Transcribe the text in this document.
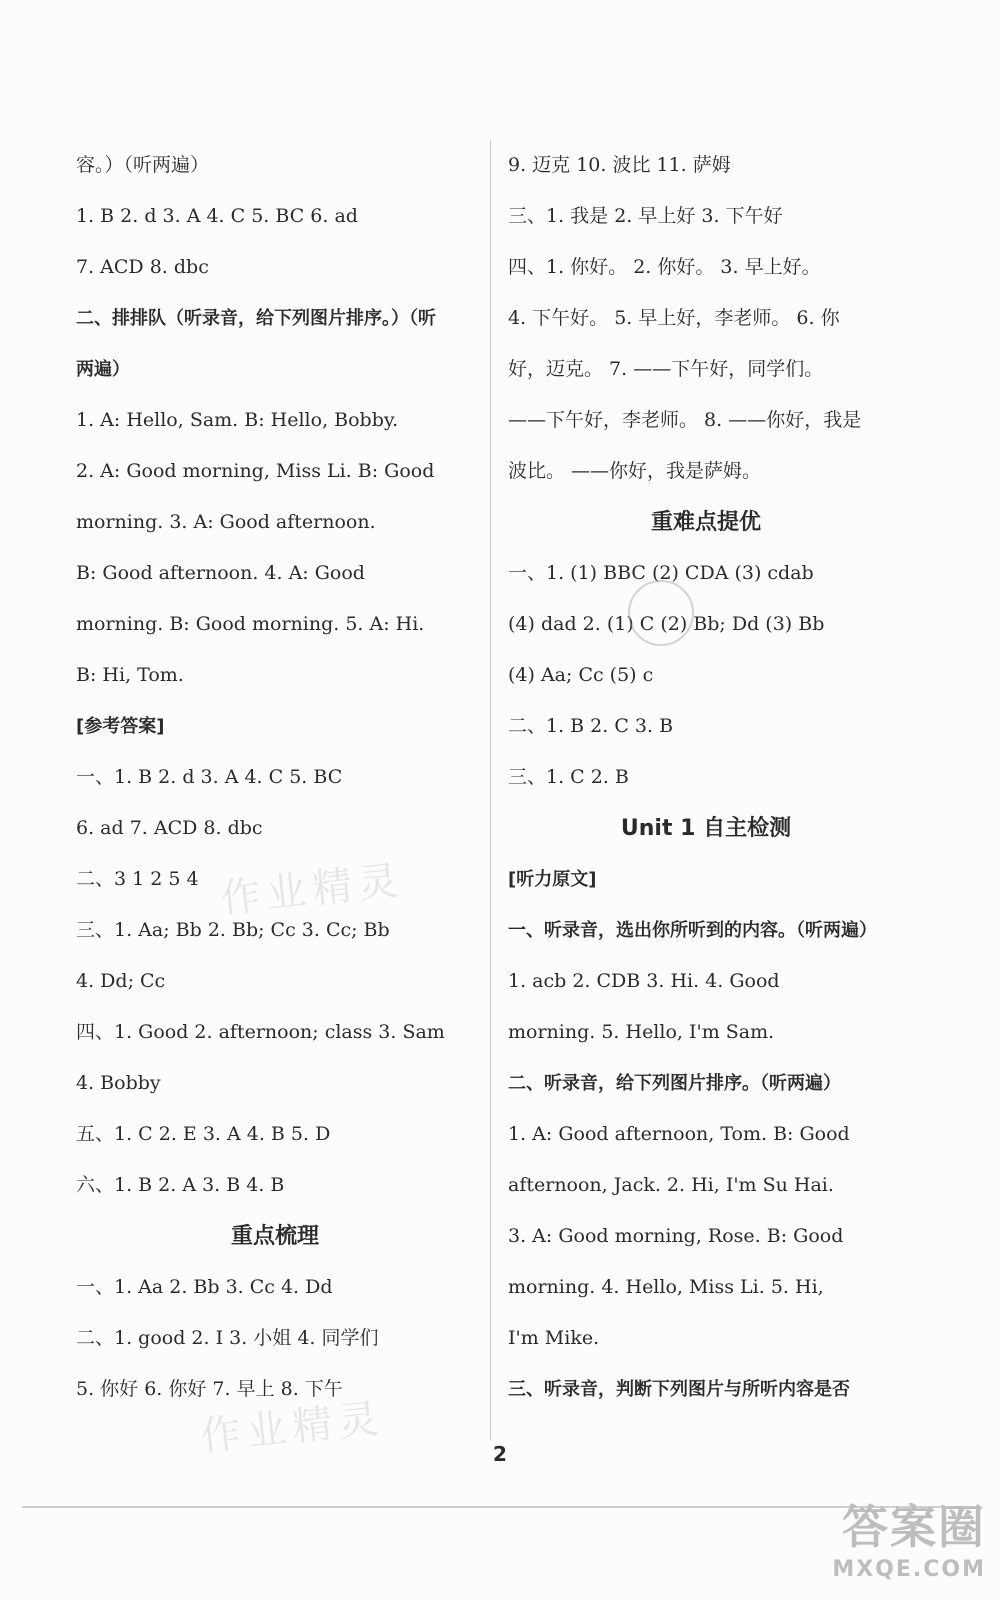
容。）（听两遍）
1. B 2. d 3. A 4. C 5. BC 6. ad
7. ACD 8. dbc
二、排排队（听录音，给下列图片排序。）（听
两遍）
1. A: Hello, Sam. B: Hello, Bobby.
2. A: Good morning, Miss Li. B: Good
morning. 3. A: Good afternoon.
B: Good afternoon. 4. A: Good
morning. B: Good morning. 5. A: Hi.
B: Hi, Tom.
[参考答案]
一、1. B 2. d 3. A 4. C 5. BC
6. ad 7. ACD 8. dbc
二、3 1 2 5 4
三、1. Aa; Bb 2. Bb; Cc 3. Cc; Bb
4. Dd; Cc
四、1. Good 2. afternoon; class 3. Sam
4. Bobby
五、1. C 2. E 3. A 4. B 5. D
六、1. B 2. A 3. B 4. B
重点梳理
一、1. Aa 2. Bb 3. Cc 4. Dd
二、1. good 2. I 3. 小姐 4. 同学们
5. 你好 6. 你好 7. 早上 8. 下午
9. 迈克 10. 波比 11. 萨姆
三、1. 我是 2. 早上好 3. 下午好
四、1. 你好。 2. 你好。 3. 早上好。
4. 下午好。 5. 早上好，李老师。 6. 你
好，迈克。 7. ——下午好，同学们。
——下午好，李老师。 8. ——你好，我是
波比。 ——你好，我是萨姆。
重难点提优
一、1. (1) BBC (2) CDA (3) cdab
(4) dad 2. (1) C (2) Bb; Dd (3) Bb
(4) Aa; Cc (5) c
二、1. B 2. C 3. B
三、1. C 2. B
Unit 1 自主检测
[听力原文]
一、听录音，选出你所听到的内容。（听两遍）
1. acb 2. CDB 3. Hi. 4. Good
morning. 5. Hello, I'm Sam.
二、听录音，给下列图片排序。（听两遍）
1. A: Good afternoon, Tom. B: Good
afternoon, Jack. 2. Hi, I'm Su Hai.
3. A: Good morning, Rose. B: Good
morning. 4. Hello, Miss Li. 5. Hi,
I'm Mike.
三、听录音，判断下列图片与所听内容是否
作业精灵
作业精灵	2
答案圈
MXQE.COM
